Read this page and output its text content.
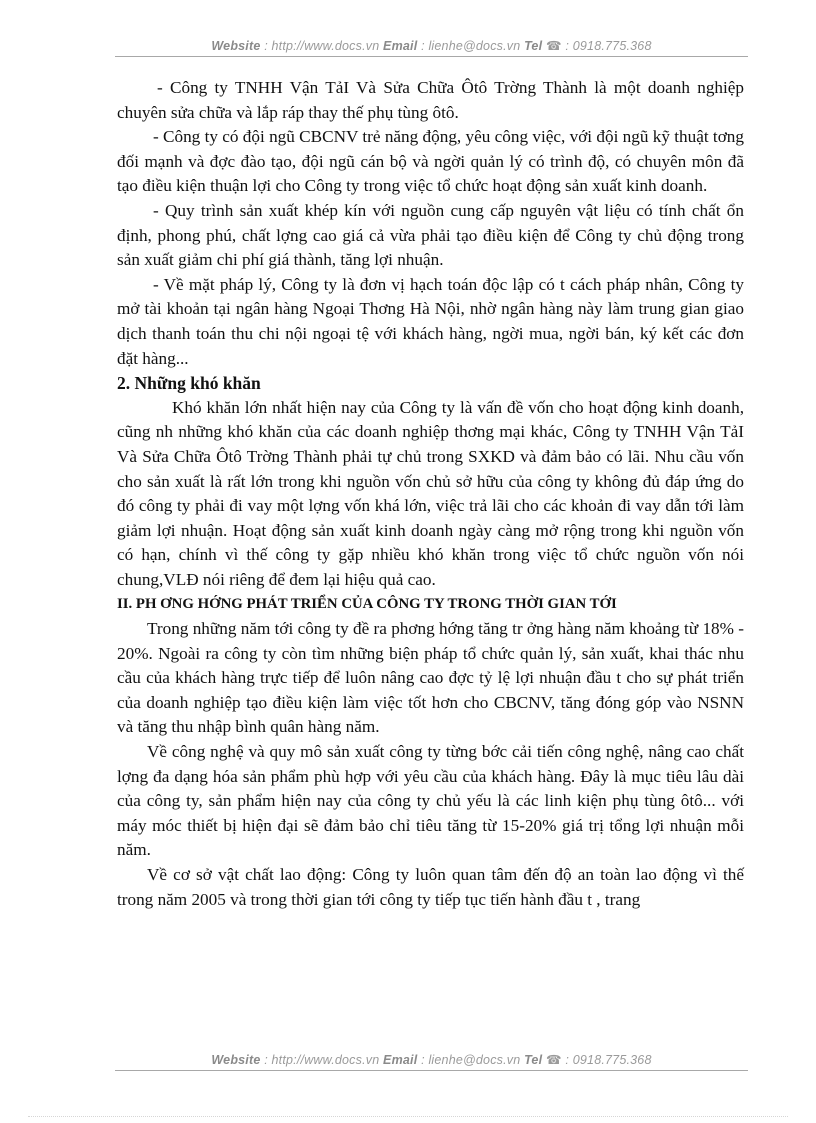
Website : http://www.docs.vn Email : lienhe@docs.vn Tel ☎ : 0918.775.368

- Công ty TNHH Vận TảI Và Sửa Chữa Ôtô Trờng Thành là một doanh nghiệp chuyên sửa chữa và lắp ráp thay thế phụ tùng ôtô.

- Công ty có đội ngũ CBCNV trẻ năng động, yêu công việc, với đội ngũ kỹ thuật tơng đối mạnh và đợc đào tạo, đội ngũ cán bộ và ngời quản lý có trình độ, có chuyên môn đã tạo điều kiện thuận lợi cho Công ty trong việc tổ chức hoạt động sản xuất kinh doanh.

- Quy trình sản xuất khép kín với nguồn cung cấp nguyên vật liệu có tính chất ổn định, phong phú, chất lợng cao giá cả vừa phải tạo điều kiện để Công ty chủ động trong sản xuất giảm chi phí giá thành, tăng lợi nhuận.

- Về mặt pháp lý, Công ty là đơn vị hạch toán độc lập có t cách pháp nhân, Công ty mở tài khoản tại ngân hàng Ngoại Thơng Hà Nội, nhờ ngân hàng này làm trung gian giao dịch thanh toán thu chi nội ngoại tệ với khách hàng, ngời mua, ngời bán, ký kết các đơn đặt hàng...

2. Những khó khăn

Khó khăn lớn nhất hiện nay của Công ty là vấn đề vốn cho hoạt động kinh doanh, cũng nh những khó khăn của các doanh nghiệp thơng mại khác, Công ty TNHH Vận TảI Và Sửa Chữa Ôtô Trờng Thành phải tự chủ trong SXKD và đảm bảo có lãi. Nhu cầu vốn cho sản xuất là rất lớn trong khi nguồn vốn chủ sở hữu của công ty không đủ đáp ứng do đó công ty phải đi vay một lợng vốn khá lớn, việc trả lãi cho các khoản đi vay dẫn tới làm giảm lợi nhuận. Hoạt động sản xuất kinh doanh ngày càng mở rộng trong khi nguồn vốn có hạn, chính vì thế công ty gặp nhiều khó khăn trong việc tổ chức nguồn vốn nói chung,VLĐ nói riêng để đem lại hiệu quả cao.

II. PH ƠNG HỚNG PHÁT TRIỂN CỦA CÔNG TY TRONG THỜI GIAN TỚI

Trong những năm tới công ty đề ra phơng hớng tăng tr ởng hàng năm khoảng từ 18% - 20%. Ngoài ra công ty còn tìm những biện pháp tổ chức quản lý, sản xuất, khai thác nhu cầu của khách hàng trực tiếp để luôn nâng cao đợc tỷ lệ lợi nhuận đầu t cho sự phát triển của doanh nghiệp tạo điều kiện làm việc tốt hơn cho CBCNV, tăng đóng góp vào NSNN và tăng thu nhập bình quân hàng năm.

Về công nghệ và quy mô sản xuất công ty từng bớc cải tiến công nghệ, nâng cao chất lợng đa dạng hóa sản phẩm phù hợp với yêu cầu của khách hàng. Đây là mục tiêu lâu dài của công ty, sản phẩm hiện nay của công ty chủ yếu là các linh kiện phụ tùng ôtô... với máy móc thiết bị hiện đại sẽ đảm bảo chỉ tiêu tăng từ 15-20% giá trị tổng lợi nhuận mỗi năm.

Về cơ sở vật chất lao động: Công ty luôn quan tâm đến độ an toàn lao động vì thế trong năm 2005 và trong thời gian tới công ty tiếp tục tiến hành đầu t , trang

Website : http://www.docs.vn Email : lienhe@docs.vn Tel ☎ : 0918.775.368
